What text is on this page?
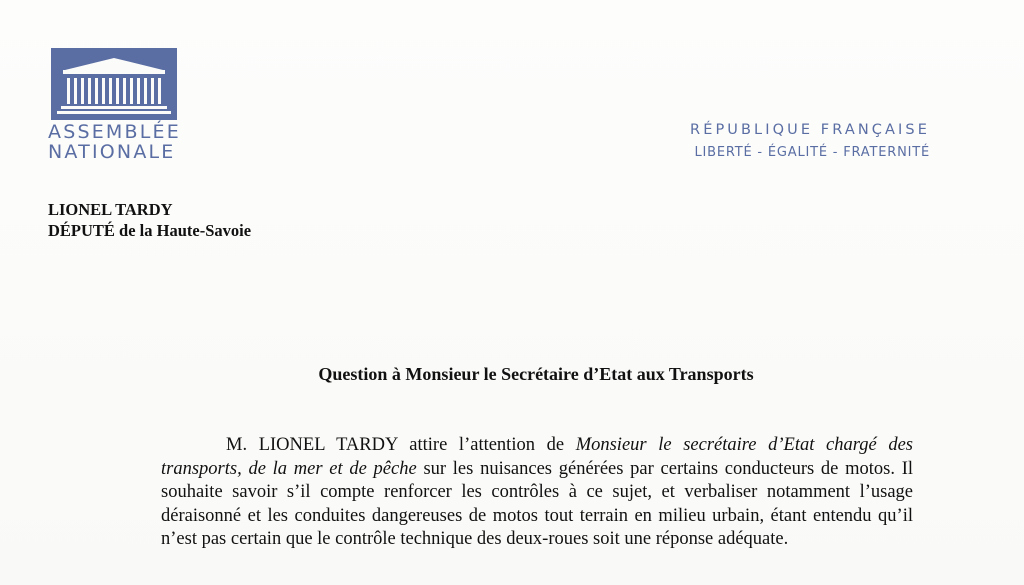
ASSEMBLÉE
NATIONALE
RÉPUBLIQUE FRANÇAISE
LIBERTÉ - ÉGALITÉ - FRATERNITÉ
LIONEL TARDY
DÉPUTÉ de la Haute-Savoie
Question à Monsieur le Secrétaire d’Etat aux Transports
M. LIONEL TARDY attire l’attention de Monsieur le secrétaire d’Etat chargé des transports, de la mer et de pêche sur les nuisances générées par certains conducteurs de motos. Il souhaite savoir s’il compte renforcer les contrôles à ce sujet, et verbaliser notamment l’usage déraisonné et les conduites dangereuses de motos tout terrain en milieu urbain, étant entendu qu’il n’est pas certain que le contrôle technique des deux-roues soit une réponse adéquate.
